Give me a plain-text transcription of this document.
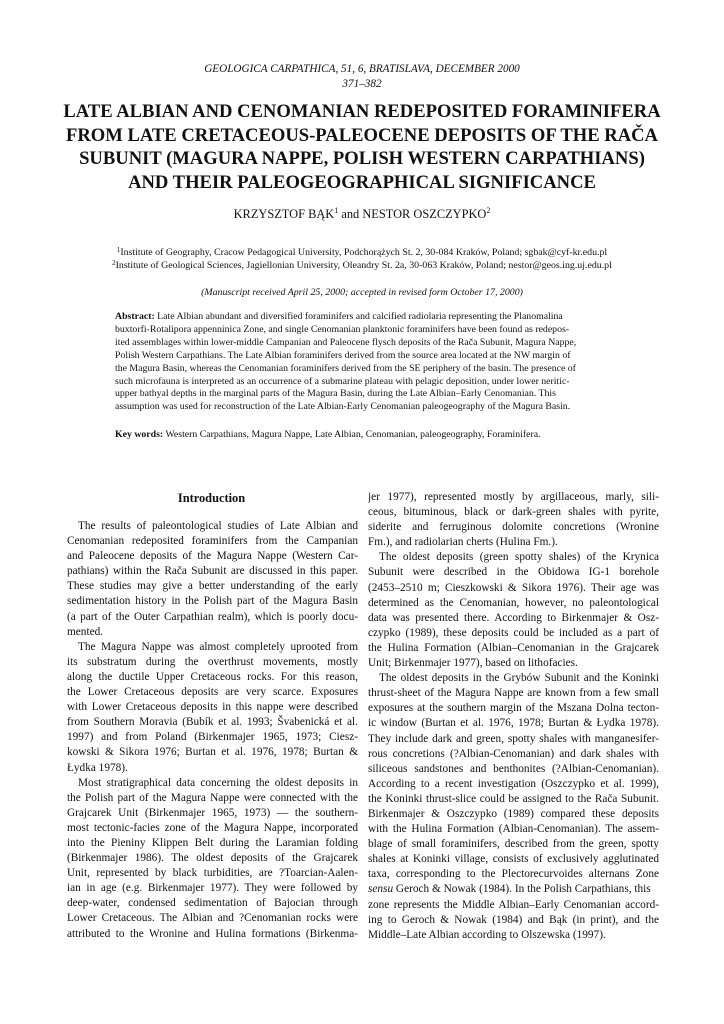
GEOLOGICA CARPATHICA, 51, 6, BRATISLAVA, DECEMBER 2000
371–382
LATE ALBIAN AND CENOMANIAN REDEPOSITED FORAMINIFERA
FROM LATE CRETACEOUS-PALEOCENE DEPOSITS OF THE RAČA
SUBUNIT (MAGURA NAPPE, POLISH WESTERN CARPATHIANS)
AND THEIR PALEOGEOGRAPHICAL SIGNIFICANCE
KRZYSZTOF BĄK$^1$ and NESTOR OSZCZYPKO$^2$
$^1$Institute of Geography, Cracow Pedagogical University, Podchorążych St. 2, 30-084 Kraków, Poland; sgbak@cyf-kr.edu.pl
$^2$Institute of Geological Sciences, Jagiellonian University, Oleandry St. 2a, 30-063 Kraków, Poland; nestor@geos.ing.uj.edu.pl
(Manuscript received April 25, 2000; accepted in revised form October 17, 2000)
Abstract: Late Albian abundant and diversified foraminifers and calcified radiolaria representing the Planomalina
buxtorfi-Rotalipora appenninica Zone, and single Cenomanian planktonic foraminifers have been found as redepos-
ited assemblages within lower-middle Campanian and Paleocene flysch deposits of the Rača Subunit, Magura Nappe,
Polish Western Carpathians. The Late Albian foraminifers derived from the source area located at the NW margin of
the Magura Basin, whereas the Cenomanian foraminifers derived from the SE periphery of the basin. The presence of
such microfauna is interpreted as an occurrence of a submarine plateau with pelagic deposition, under lower neritic-
upper bathyal depths in the marginal parts of the Magura Basin, during the Late Albian–Early Cenomanian. This
assumption was used for reconstruction of the Late Albian-Early Cenomanian paleogeography of the Magura Basin.
Key words: Western Carpathians, Magura Nappe, Late Albian, Cenomanian, paleogeography, Foraminifera.
Introduction
The results of paleontological studies of Late Albian and
Cenomanian redeposited foraminifers from the Campanian
and Paleocene deposits of the Magura Nappe (Western Car-
pathians) within the Rača Subunit are discussed in this paper.
These studies may give a better understanding of the early
sedimentation history in the Polish part of the Magura Basin
(a part of the Outer Carpathian realm), which is poorly docu-
mented.
The Magura Nappe was almost completely uprooted from
its substratum during the overthrust movements, mostly
along the ductile Upper Cretaceous rocks. For this reason,
the Lower Cretaceous deposits are very scarce. Exposures
with Lower Cretaceous deposits in this nappe were described
from Southern Moravia (Bubík et al. 1993; Švabenická et al.
1997) and from Poland (Birkenmajer 1965, 1973; Ciesz-
kowski & Sikora 1976; Burtan et al. 1976, 1978; Burtan &
Łydka 1978).
Most stratigraphical data concerning the oldest deposits in
the Polish part of the Magura Nappe were connected with the
Grajcarek Unit (Birkenmajer 1965, 1973) — the southern-
most tectonic-facies zone of the Magura Nappe, incorporated
into the Pieniny Klippen Belt during the Laramian folding
(Birkenmajer 1986). The oldest deposits of the Grajcarek
Unit, represented by black turbidities, are ?Toarcian-Aalen-
ian in age (e.g. Birkenmajer 1977). They were followed by
deep-water, condensed sedimentation of Bajocian through
Lower Cretaceous. The Albian and ?Cenomanian rocks were
attributed to the Wronine and Hulina formations (Birkenma-
jer 1977), represented mostly by argillaceous, marly, sili-
ceous, bituminous, black or dark-green shales with pyrite,
siderite and ferruginous dolomite concretions (Wronine
Fm.), and radiolarian cherts (Hulina Fm.).
The oldest deposits (green spotty shales) of the Krynica
Subunit were described in the Obidowa IG-1 borehole
(2453–2510 m; Cieszkowski & Sikora 1976). Their age was
determined as the Cenomanian, however, no paleontological
data was presented there. According to Birkenmajer & Osz-
czypko (1989), these deposits could be included as a part of
the Hulina Formation (Albian–Cenomanian in the Grajcarek
Unit; Birkenmajer 1977), based on lithofacies.
The oldest deposits in the Grybów Subunit and the Koninki
thrust-sheet of the Magura Nappe are known from a few small
exposures at the southern margin of the Mszana Dolna tecton-
ic window (Burtan et al. 1976, 1978; Burtan & Łydka 1978).
They include dark and green, spotty shales with manganesifer-
rous concretions (?Albian-Cenomanian) and dark shales with
siliceous sandstones and benthonites (?Albian-Cenomanian).
According to a recent investigation (Oszczypko et al. 1999),
the Koninki thrust-slice could be assigned to the Rača Subunit.
Birkenmajer & Oszczypko (1989) compared these deposits
with the Hulina Formation (Albian-Cenomanian). The assem-
blage of small foraminifers, described from the green, spotty
shales at Koninki village, consists of exclusively agglutinated
taxa, corresponding to the Plectorecurvoides alternans Zone
sensu Geroch & Nowak (1984). In the Polish Carpathians, this
zone represents the Middle Albian–Early Cenomanian accord-
ing to Geroch & Nowak (1984) and Bąk (in print), and the
Middle–Late Albian according to Olszewska (1997).
